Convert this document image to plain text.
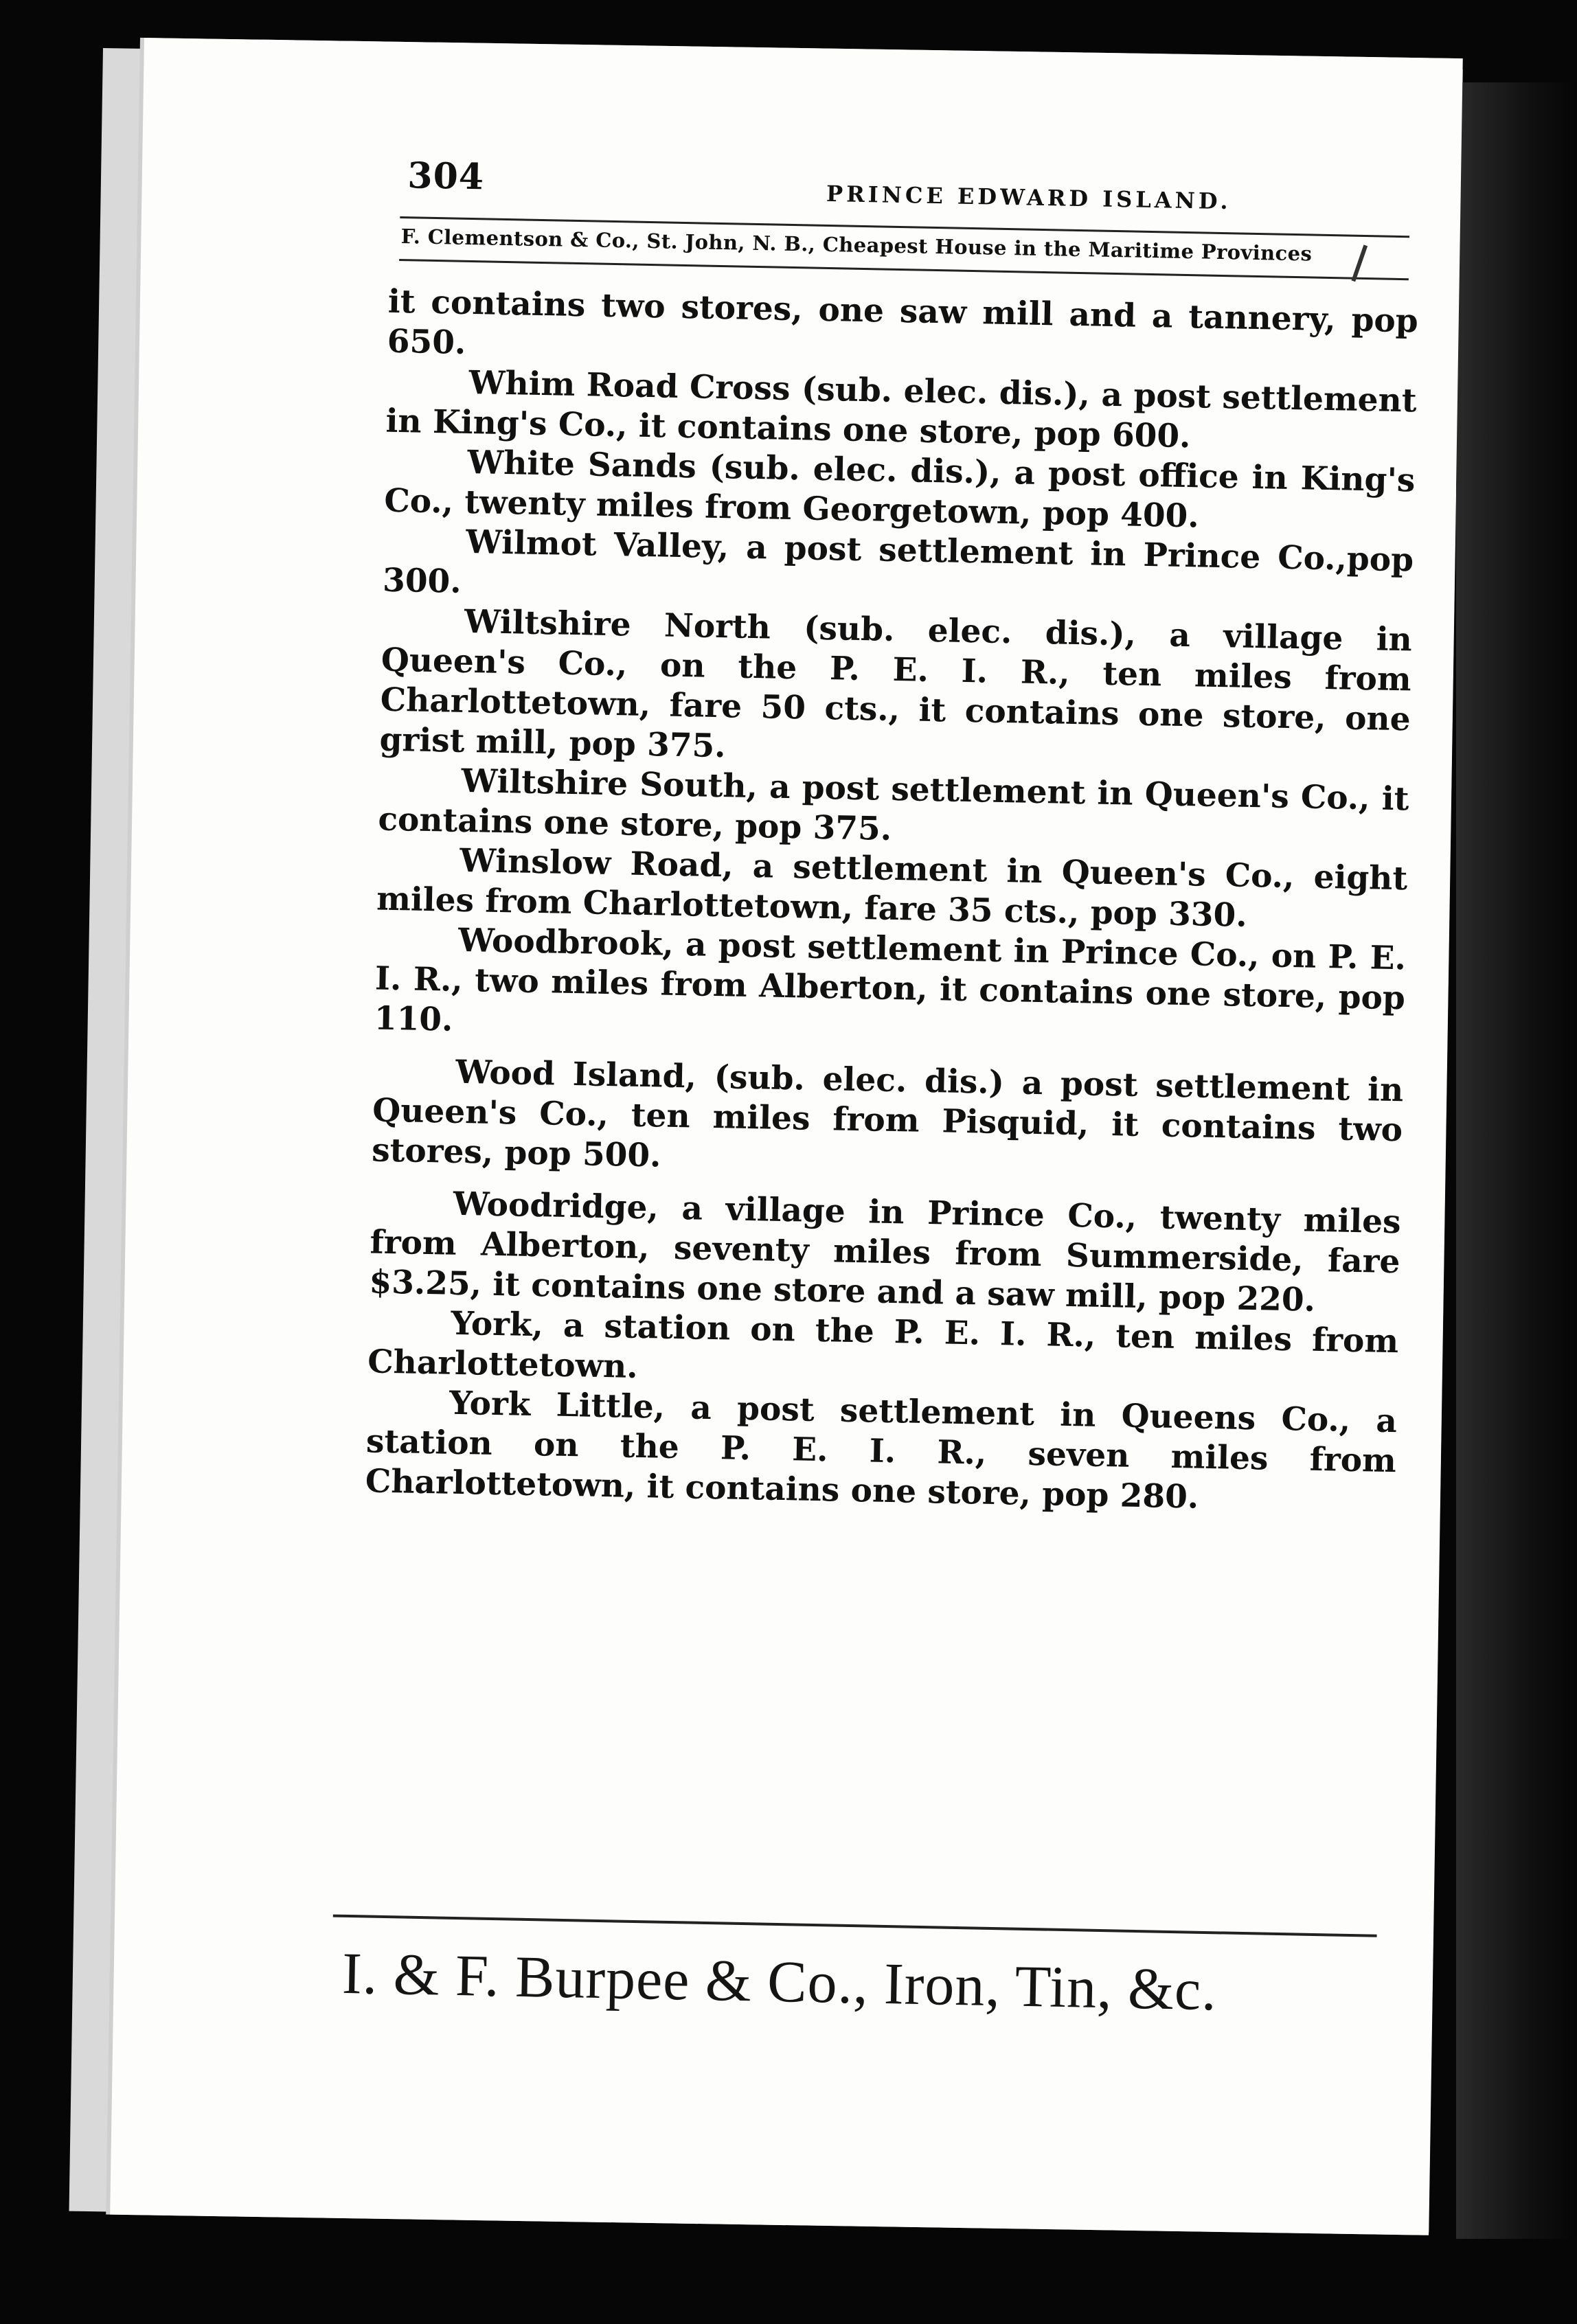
304	PRINCE EDWARD ISLAND.
F. Clementson & Co., St. John, N. B., Cheapest House in the Maritime Provinces

it contains two stores, one saw mill and a tannery, pop 650.

Whim Road Cross (sub. elec. dis.), a post settlement in King's Co., it contains one store, pop 600.

White Sands (sub. elec. dis.), a post office in King's Co., twenty miles from Georgetown, pop 400.

Wilmot Valley, a post settlement in Prince Co.,pop 300.

Wiltshire North (sub. elec. dis.), a village in Queen's Co., on the P. E. I. R., ten miles from Charlottetown, fare 50 cts., it contains one store, one grist mill, pop 375.

Wiltshire South, a post settlement in Queen's Co., it contains one store, pop 375.

Winslow Road, a settlement in Queen's Co., eight miles from Charlottetown, fare 35 cts., pop 330.

Woodbrook, a post settlement in Prince Co., on P. E. I. R., two miles from Alberton, it contains one store, pop 110.

Wood Island, (sub. elec. dis.) a post settlement in Queen's Co., ten miles from Pisquid, it contains two stores, pop 500.

Woodridge, a village in Prince Co., twenty miles from Alberton, seventy miles from Summerside, fare $3.25, it contains one store and a saw mill, pop 220.

York, a station on the P. E. I. R., ten miles from Charlottetown.

York Little, a post settlement in Queens Co., a station on the P. E. I. R., seven miles from Charlottetown, it contains one store, pop 280.

I. & F. Burpee & Co., Iron, Tin, &c.
